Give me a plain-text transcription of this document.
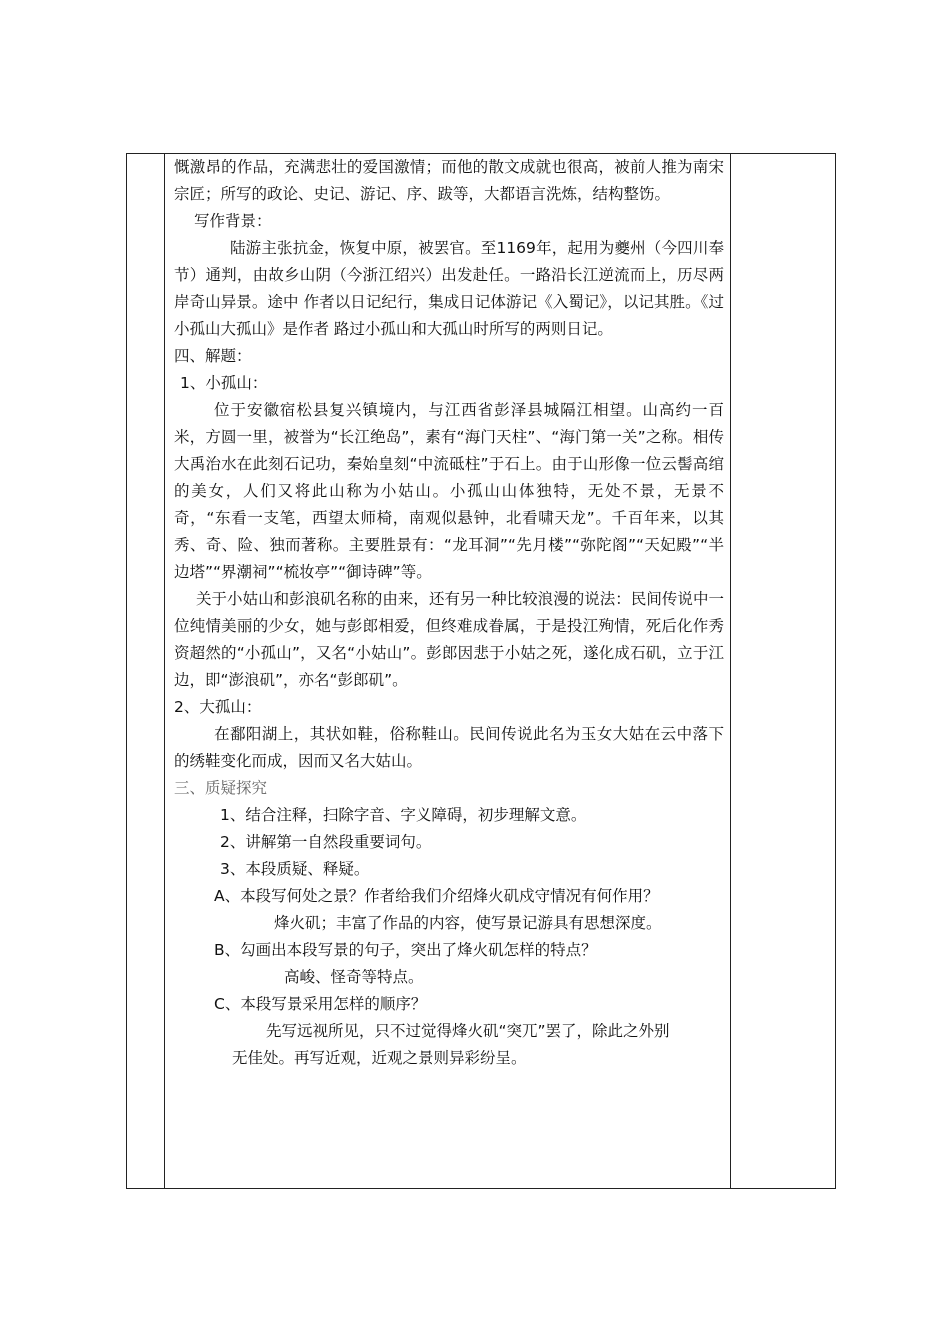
慨激昂的作品，充满悲壮的爱国激情；而他的散文成就也很高，被前人推为南宋宗匠；所写的政论、史记、游记、序、跋等，大都语言洗炼，结构整饬。

写作背景：

陆游主张抗金，恢复中原，被罢官。至1169年，起用为夔州（今四川奉节）通判，由故乡山阴（今浙江绍兴）出发赴任。一路沿长江逆流而上，历尽两岸奇山异景。途中 作者以日记纪行，集成日记体游记《入蜀记》，以记其胜。《过小孤山大孤山》是作者 路过小孤山和大孤山时所写的两则日记。

四、解题：

1、小孤山：

位于安徽宿松县复兴镇境内，与江西省彭泽县城隔江相望。山高约一百米，方圆一里，被誉为“长江绝岛”，素有“海门天柱”、“海门第一关”之称。相传大禹治水在此刻石记功，秦始皇刻“中流砥柱”于石上。由于山形像一位云髻高绾的美女，人们又将此山称为小姑山。小孤山山体独特，无处不景，无景不奇，“东看一支笔，西望太师椅，南观似悬钟，北看啸天龙”。千百年来，以其秀、奇、险、独而著称。主要胜景有：“龙耳洞”“先月楼”“弥陀阁”“天妃殿”“半边塔”“界潮祠”“梳妆亭”“御诗碑”等。

关于小姑山和彭浪矶名称的由来，还有另一种比较浪漫的说法：民间传说中一位纯情美丽的少女，她与彭郎相爱，但终难成眷属，于是投江殉情，死后化作秀资超然的“小孤山”，又名“小姑山”。彭郎因悲于小姑之死，遂化成石矶，立于江边，即“澎浪矶”，亦名“彭郎矶”。

2、大孤山：

在鄱阳湖上，其状如鞋，俗称鞋山。民间传说此名为玉女大姑在云中落下的绣鞋变化而成，因而又名大姑山。

三、质疑探究

1、结合注释，扫除字音、字义障碍，初步理解文意。

2、讲解第一自然段重要词句。

3、本段质疑、释疑。

A、本段写何处之景？作者给我们介绍烽火矶戍守情况有何作用？

烽火矶；丰富了作品的内容，使写景记游具有思想深度。

B、勾画出本段写景的句子，突出了烽火矶怎样的特点？

高峻、怪奇等特点。

C、本段写景采用怎样的顺序？

先写远视所见，只不过觉得烽火矶“突兀”罢了，除此之外别

无佳处。再写近观，近观之景则异彩纷呈。
